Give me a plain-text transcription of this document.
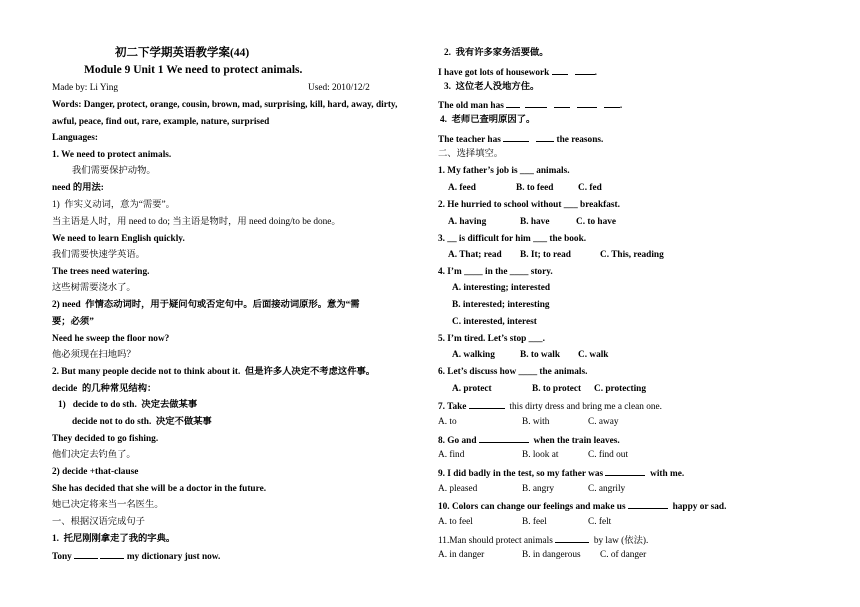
初二下学期英语教学案(44)
Module 9 Unit 1 We need to protect animals.
Made by: Li Ying	Used: 2010/12/2
Words: Danger, protect, orange, cousin, brown, mad, surprising, kill, hard, away, dirty,
awful, peace, find out, rare, example, nature, surprised
Languages:
1. We need to protect animals.
我们需要保护动物。
need 的用法:
1)  作实义动词，意为“需要”。
当主语是人时，用 need to do; 当主语是物时，用 need doing/to be done。
We need to learn English quickly.
我们需要快速学英语。
The trees need watering.
这些树需要浇水了。
2) need  作情态动词时，用于疑问句或否定句中。后面接动词原形。意为“需
要；必须”
Need he sweep the floor now?
他必须现在扫地吗？
2. But many people decide not to think about it.  但是许多人决定不考虑这件事。
decide  的几种常见结构：
1)   decide to do sth.  决定去做某事
decide not to do sth.  决定不做某事
They decided to go fishing.
他们决定去钓鱼了。
2) decide +that-clause
She has decided that she will be a doctor in the future.
她已决定将来当一名医生。
一、根据汉语完成句子
1.  托尼刚刚拿走了我的字典。
Tony	my dictionary just now.
2.  我有许多家务活要做。
I have got lots of housework	.
3.  这位老人没地方住。
The old man has	.
4.  老师已查明原因了。
The teacher has	the reasons.
二、选择填空。
1. My father’s job is ___ animals.
A. feed	B. to feed	C. fed
2. He hurried to school without ___ breakfast.
A. having	B. have	C. to have
3. __ is difficult for him ___ the book.
A. That; read B. It; to read	C. This, reading
4. I’m ____ in the ____ story.
A. interesting; interested
B. interested; interesting
C. interested, interest
5. I’m tired. Let’s stop ___.
A. walking	B. to walk C. walk
6. Let’s discuss how ____ the animals.
A. protect	B. to protect C. protecting
7. Take	this dirty dress and bring me a clean one.
A. to	B. with	C. away
8. Go and	when the train leaves.
A. find	B. look at	C. find out
9. I did badly in the test, so my father was	with me.
A. pleased	B. angry	C. angrily
10. Colors can change our feelings and make us	happy or sad.
A. to feel	B. feel	C. felt
11.Man should protect animals	by law (依法).
A. in danger	B. in dangerous C. of danger
